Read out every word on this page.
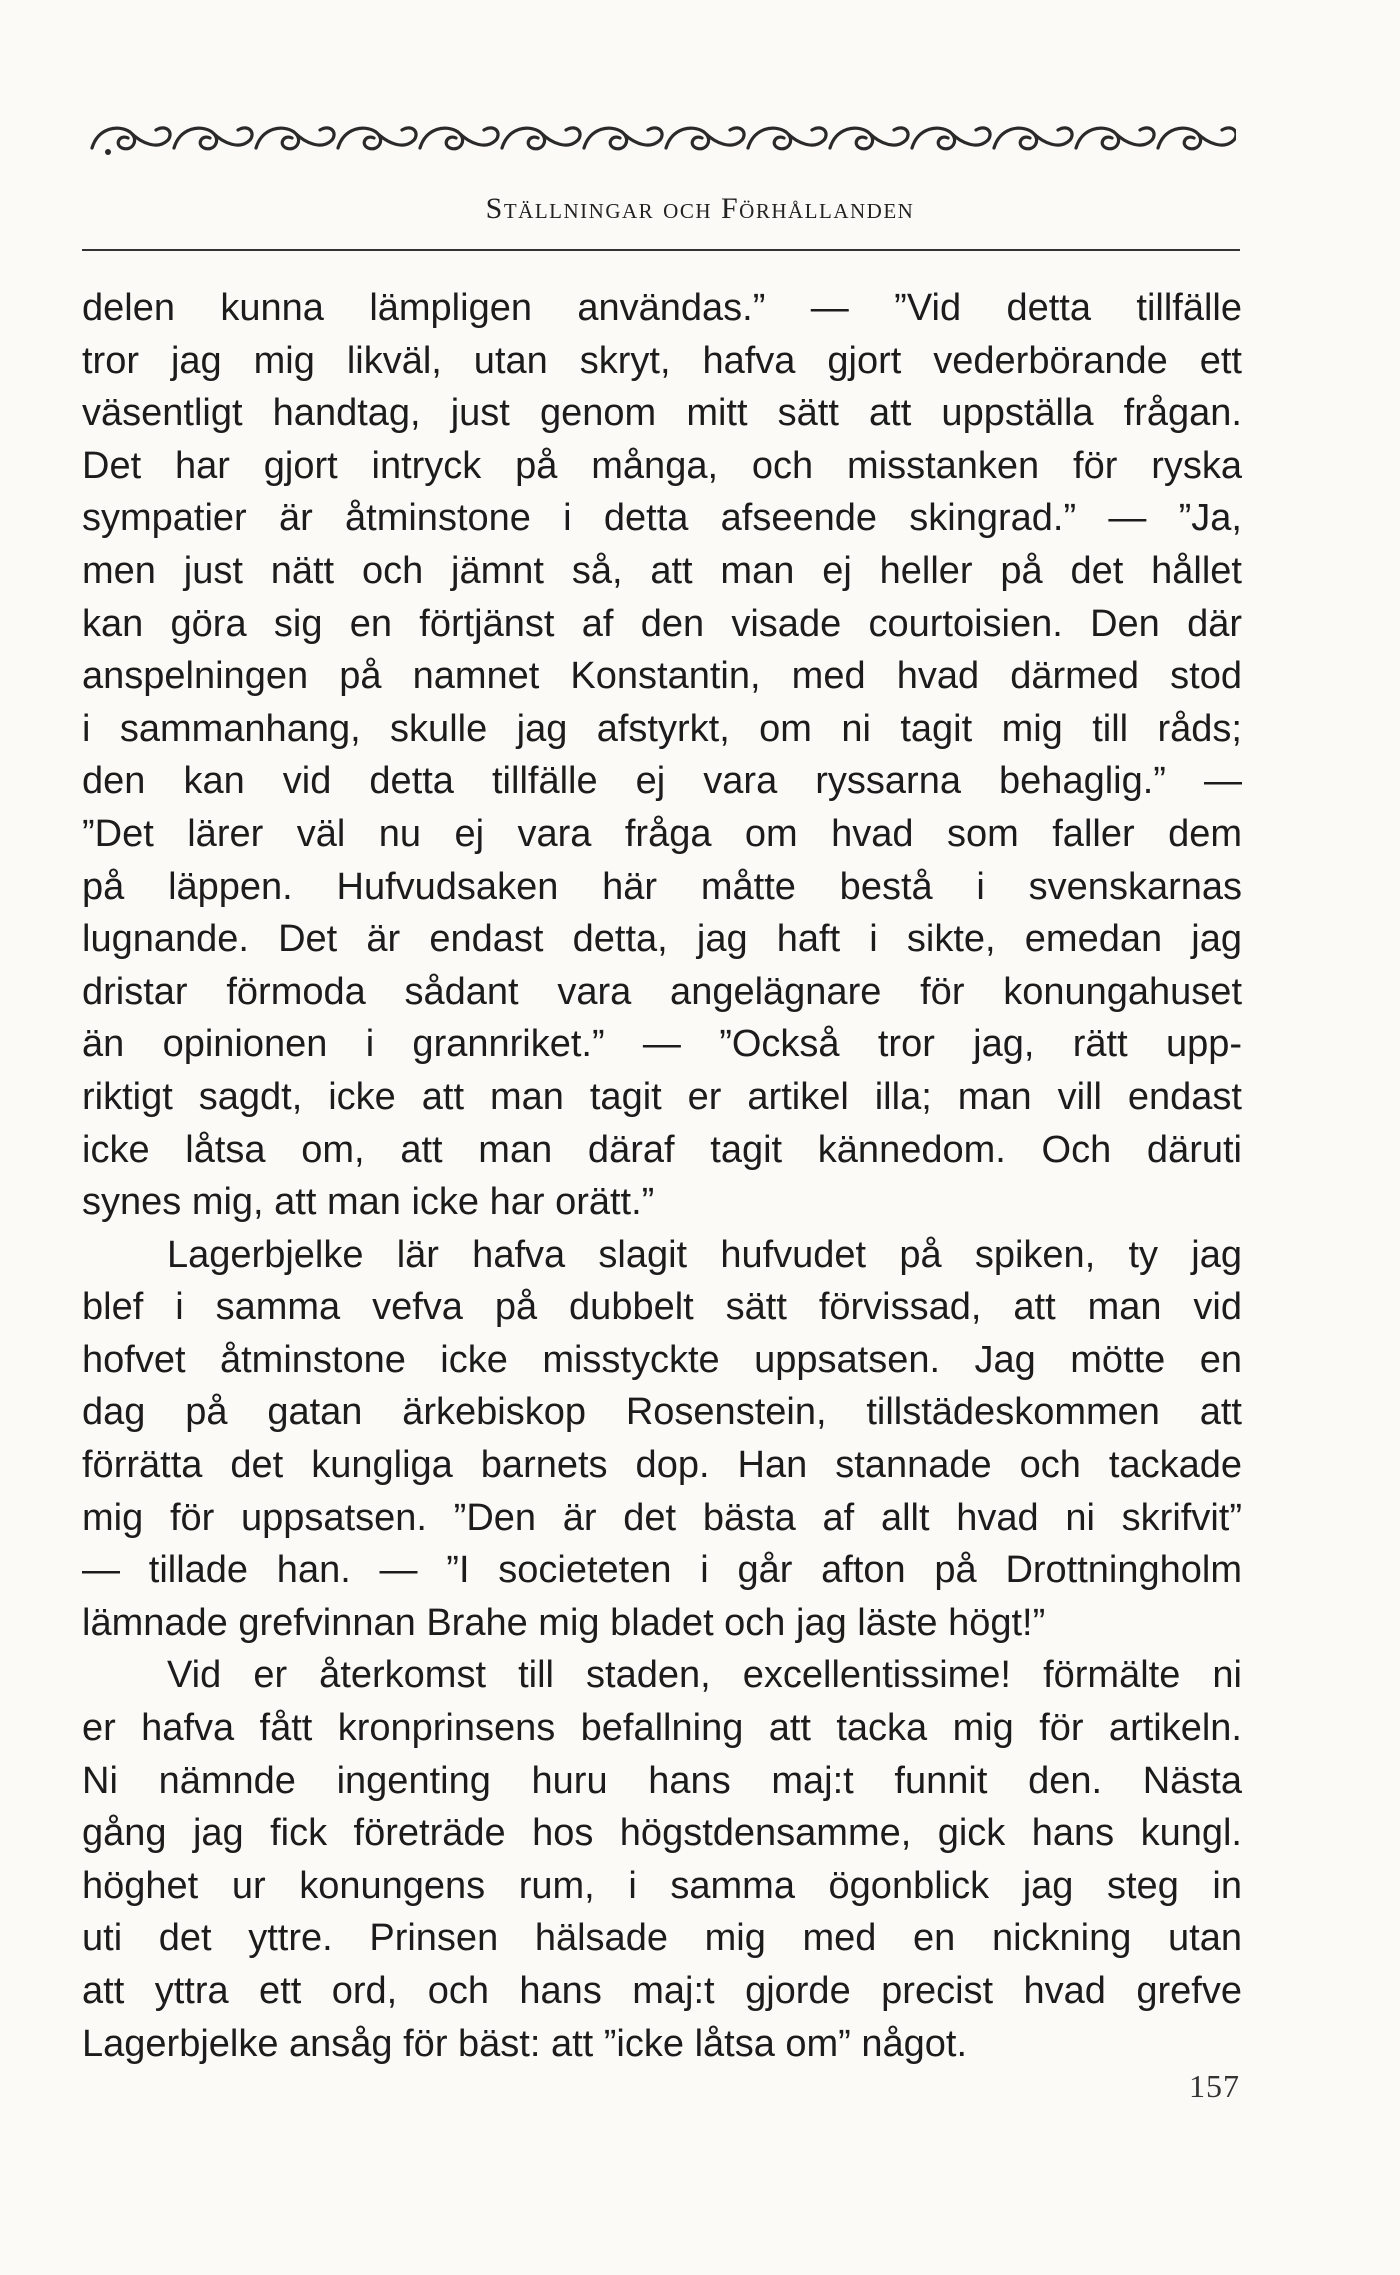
Ställningar och Förhållanden
delen kunna lämpligen användas.” — ”Vid detta tillfälle
tror jag mig likväl, utan skryt, hafva gjort vederbörande ett
väsentligt handtag, just genom mitt sätt att uppställa frågan.
Det har gjort intryck på många, och misstanken för ryska
sympatier är åtminstone i detta afseende skingrad.” — ”Ja,
men just nätt och jämnt så, att man ej heller på det hållet
kan göra sig en förtjänst af den visade courtoisien. Den där
anspelningen på namnet Konstantin, med hvad därmed stod
i sammanhang, skulle jag afstyrkt, om ni tagit mig till råds;
den kan vid detta tillfälle ej vara ryssarna behaglig.” —
”Det lärer väl nu ej vara fråga om hvad som faller dem
på läppen. Hufvudsaken här måtte bestå i svenskarnas
lugnande. Det är endast detta, jag haft i sikte, emedan jag
dristar förmoda sådant vara angelägnare för konungahuset
än opinionen i grannriket.” — ”Också tror jag, rätt upp-
riktigt sagdt, icke att man tagit er artikel illa; man vill endast
icke låtsa om, att man däraf tagit kännedom. Och däruti
synes mig, att man icke har orätt.”
Lagerbjelke lär hafva slagit hufvudet på spiken, ty jag
blef i samma vefva på dubbelt sätt förvissad, att man vid
hofvet åtminstone icke misstyckte uppsatsen. Jag mötte en
dag på gatan ärkebiskop Rosenstein, tillstädeskommen att
förrätta det kungliga barnets dop. Han stannade och tackade
mig för uppsatsen. ”Den är det bästa af allt hvad ni skrifvit”
— tillade han. — ”I societeten i går afton på Drottningholm
lämnade grefvinnan Brahe mig bladet och jag läste högt!”
Vid er återkomst till staden, excellentissime! förmälte ni
er hafva fått kronprinsens befallning att tacka mig för artikeln.
Ni nämnde ingenting huru hans maj:t funnit den. Nästa
gång jag fick företräde hos högstdensamme, gick hans kungl.
höghet ur konungens rum, i samma ögonblick jag steg in
uti det yttre. Prinsen hälsade mig med en nickning utan
att yttra ett ord, och hans maj:t gjorde precist hvad grefve
Lagerbjelke ansåg för bäst: att ”icke låtsa om” något.
157
